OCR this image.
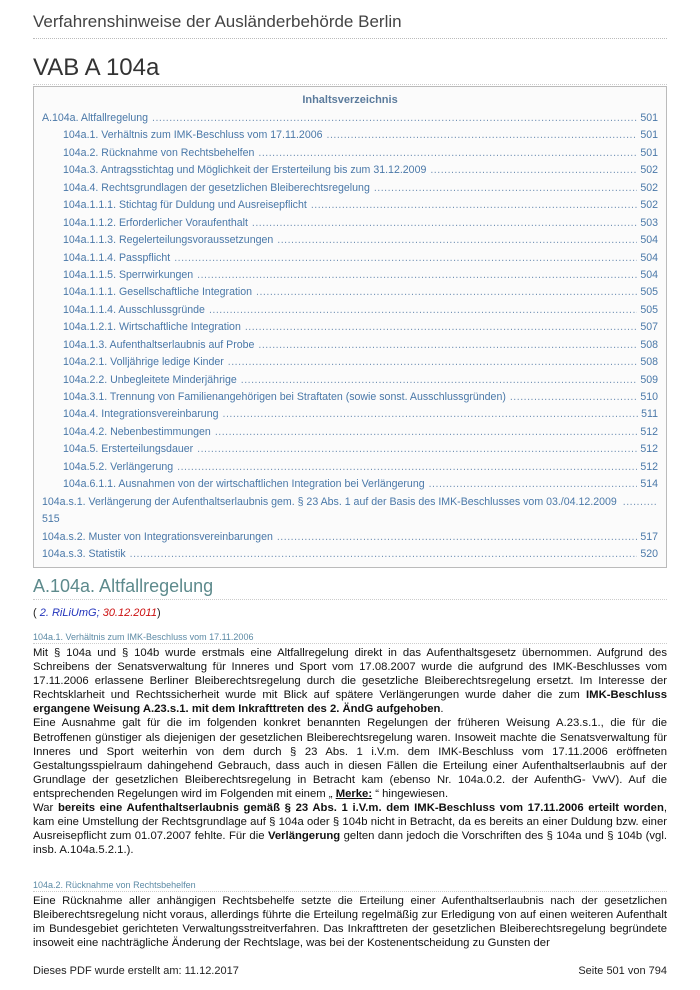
Verfahrenshinweise der Ausländerbehörde Berlin
VAB A 104a
Inhaltsverzeichnis
A.104a. Altfallregelung .....	501
104a.1. Verhältnis zum IMK-Beschluss vom 17.11.2006 .....	501
104a.2. Rücknahme von Rechtsbehelfen .....	501
104a.3. Antragsstichtag und Möglichkeit der Ersterteilung bis zum 31.12.2009 .....	502
104a.4. Rechtsgrundlagen der gesetzlichen Bleiberechtsregelung .....	502
104a.1.1.1. Stichtag für Duldung und Ausreisepflicht .....	502
104a.1.1.2. Erforderlicher Voraufenthalt .....	503
104a.1.1.3. Regelerteilungsvoraussetzungen .....	504
104a.1.1.4. Passpflicht .....	504
104a.1.1.5. Sperrwirkungen .....	504
104a.1.1.1. Gesellschaftliche Integration .....	505
104a.1.1.4. Ausschlussgründe .....	505
104a.1.2.1. Wirtschaftliche Integration .....	507
104a.1.3. Aufenthaltserlaubnis auf Probe .....	508
104a.2.1. Volljährige ledige Kinder .....	508
104a.2.2. Unbegleitete Minderjährige .....	509
104a.3.1. Trennung von Familienangehörigen bei Straftaten (sowie sonst. Ausschlussgründen) .....	510
104a.4. Integrationsvereinbarung .....	511
104a.4.2. Nebenbestimmungen .....	512
104a.5. Ersterteilungsdauer .....	512
104a.5.2. Verlängerung .....	512
104a.6.1.1. Ausnahmen von der wirtschaftlichen Integration bei Verlängerung .....	514
104a.s.1. Verlängerung der Aufenthaltserlaubnis gem. § 23 Abs. 1 auf der Basis des IMK-Beschlusses vom 03./04.12.2009
.....
515
104a.s.2. Muster von Integrationsvereinbarungen .....	517
104a.s.3. Statistik .....	520
A.104a. Altfallregelung
( 2. RiLiUmG; 30.12.2011)
104a.1. Verhältnis zum IMK-Beschluss vom 17.11.2006

Mit § 104a und § 104b wurde erstmals eine Altfallregelung direkt in das Aufenthaltsgesetz übernommen. Aufgrund des Schreibens der Senatsverwaltung für Inneres und Sport vom 17.08.2007 wurde die aufgrund des IMK-Beschlusses vom 17.11.2006 erlassene Berliner Bleiberechtsregelung durch die gesetzliche Bleiberechtsregelung ersetzt. Im Interesse der Rechtsklarheit und Rechtssicherheit wurde mit Blick auf spätere Verlängerungen wurde daher die zum IMK-Beschluss ergangene Weisung A.23.s.1. mit dem Inkrafttreten des 2. ÄndG aufgehoben.

Eine Ausnahme galt für die im folgenden konkret benannten Regelungen der früheren Weisung A.23.s.1., die für die Betroffenen günstiger als diejenigen der gesetzlichen Bleiberechtsregelung waren. Insoweit machte die Senatsverwaltung für Inneres und Sport weiterhin von dem durch § 23 Abs. 1 i.V.m. dem IMK-Beschluss vom 17.11.2006 eröffneten Gestaltungsspielraum dahingehend Gebrauch, dass auch in diesen Fällen die Erteilung einer Aufenthaltserlaubnis auf der Grundlage der gesetzlichen Bleiberechtsregelung in Betracht kam (ebenso Nr. 104a.0.2. der AufenthG- VwV). Auf die entsprechenden Regelungen wird im Folgenden mit einem „ Merke: “ hingewiesen.

War bereits eine Aufenthaltserlaubnis gemäß § 23 Abs. 1 i.V.m. dem IMK-Beschluss vom 17.11.2006 erteilt worden, kam eine Umstellung der Rechtsgrundlage auf § 104a oder § 104b nicht in Betracht, da es bereits an einer Duldung bzw. einer Ausreisepflicht zum 01.07.2007 fehlte. Für die Verlängerung gelten dann jedoch die Vorschriften des § 104a und § 104b (vgl. insb. A.104a.5.2.1.).

104a.2. Rücknahme von Rechtsbehelfen

Eine Rücknahme aller anhängigen Rechtsbehelfe setzte die Erteilung einer Aufenthaltserlaubnis nach der gesetzlichen Bleiberechtsregelung nicht voraus, allerdings führte die Erteilung regelmäßig zur Erledigung von auf einen weiteren Aufenthalt im Bundesgebiet gerichteten Verwaltungsstreitverfahren. Das Inkrafttreten der gesetzlichen Bleiberechtsregelung begründete insoweit eine nachträgliche Änderung der Rechtslage, was bei der Kostenentscheidung zu Gunsten der

Dieses PDF wurde erstellt am: 11.12.2017	Seite 501 von 794
